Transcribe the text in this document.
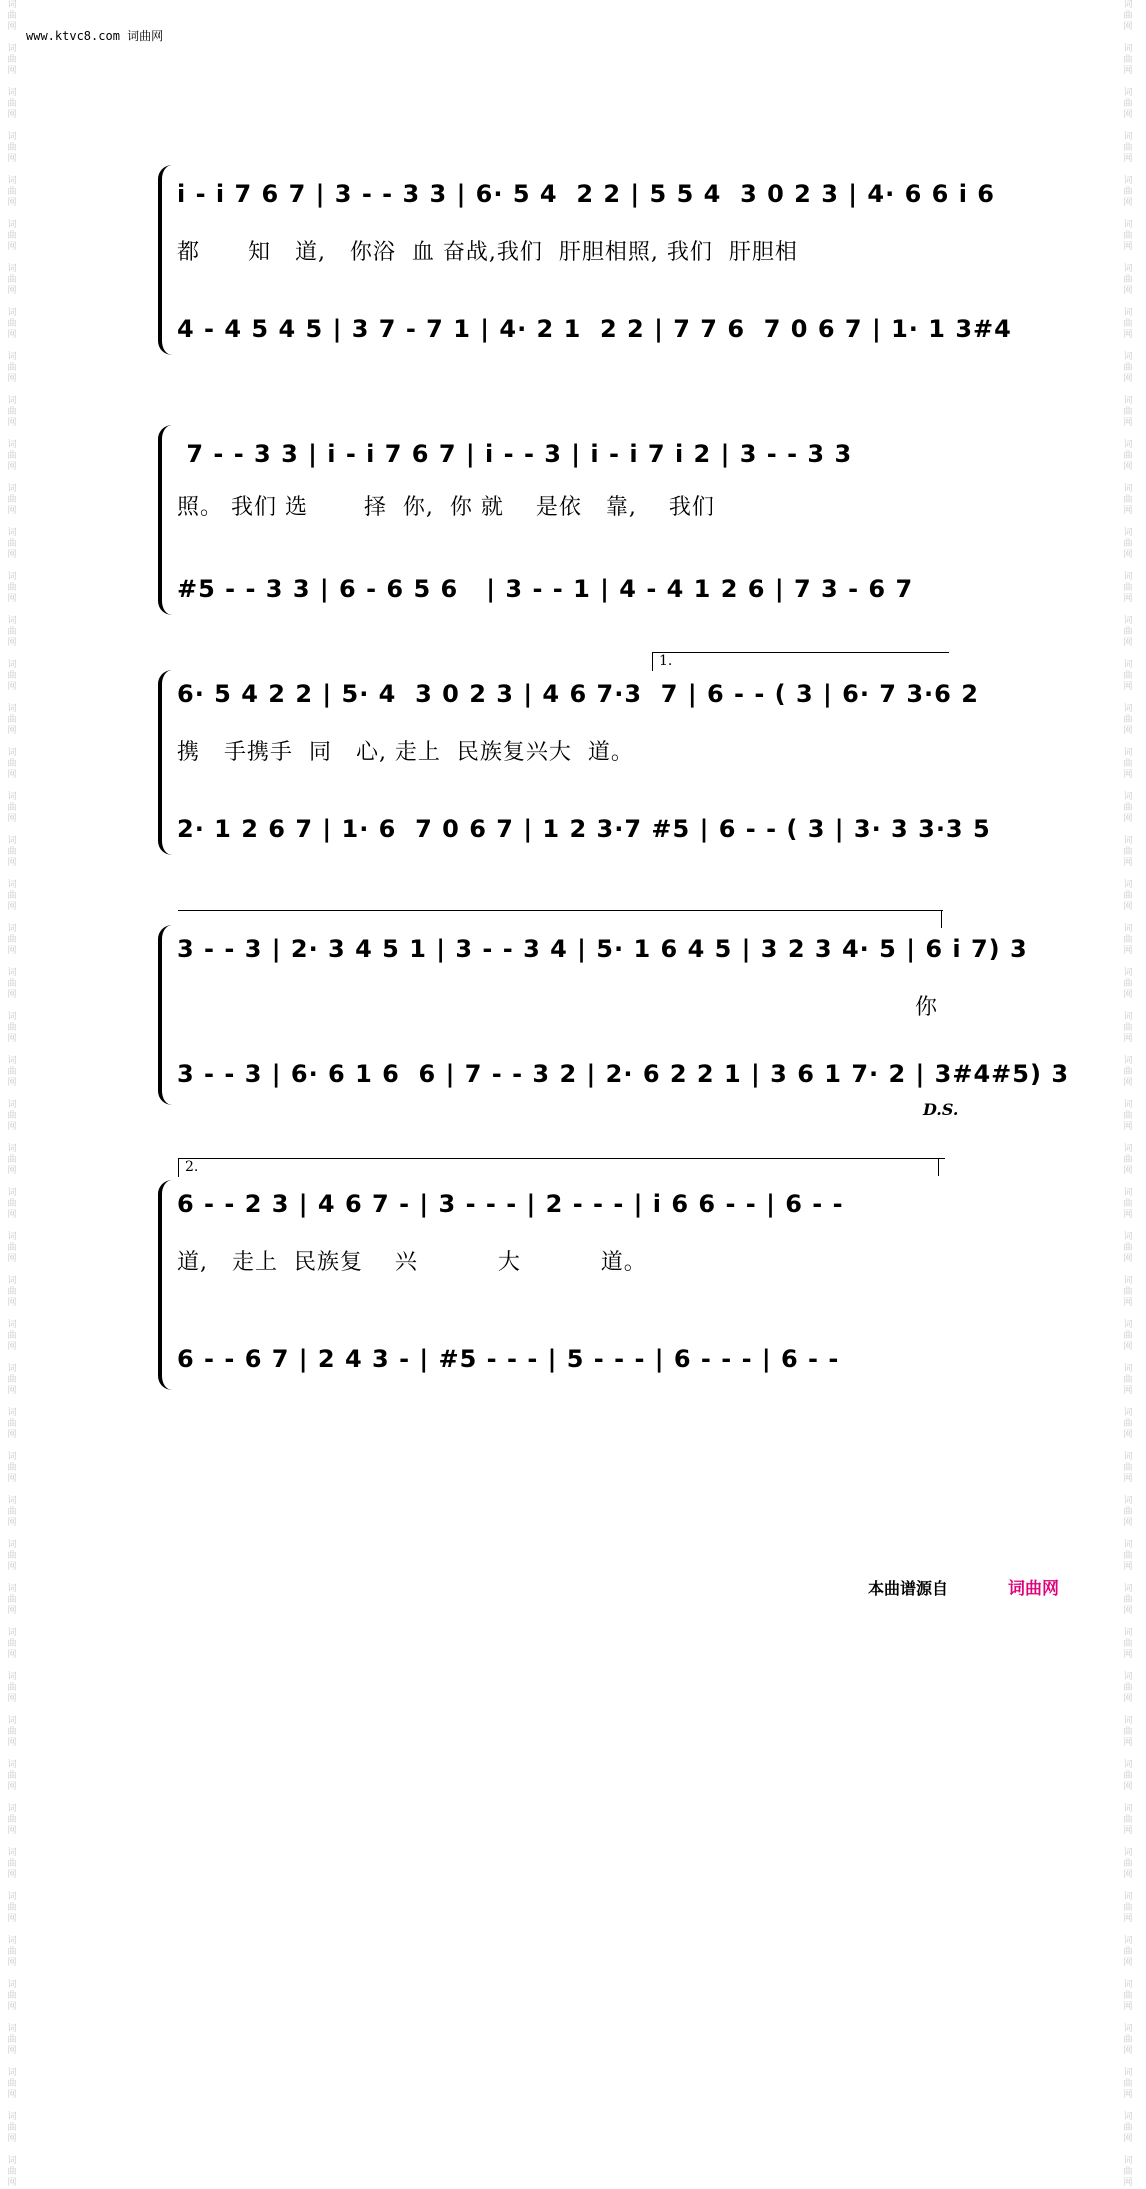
词
曲
网

词
曲
网

词
曲
网

词
曲
网

词
曲
网

词
曲
网

词
曲
网

词
曲
网

词
曲
网

词
曲
网

词
曲
网

词
曲
网

词
曲
网

词
曲
网

词
曲
网

词
曲
网

词
曲
网

词
曲
网

词
曲
网

词
曲
网

词
曲
网

词
曲
网

词
曲
网

词
曲
网

词
曲
网

词
曲
网

词
曲
网

词
曲
网

词
曲
网

词
曲
网

词
曲
网

词
曲
网

词
曲
网

词
曲
网

词
曲
网

词
曲
网

词
曲
网

词
曲
网

词
曲
网

词
曲
网

词
曲
网

词
曲
网

词
曲
网

词
曲
网

词
曲
网

词
曲
网

词
曲
网

词
曲
网

词
曲
网

词
曲
网

词
曲
网

词
曲
网

词
曲
网

词
曲
网

词
曲
网

词
曲
网

词
曲
网

词
曲
网

词
曲
网

词
曲
网

词
曲
网

词
曲
网

词
曲
网

词
曲
网

词
曲
网

词
曲
网

词
曲
网

词
曲
网

词
曲
网

词
曲
网

词
曲
网

词
曲
网

词
曲
网

词
曲
网

词
曲
网

词
曲
网

词
曲
网

词
曲
网

词
曲
网

词
曲
网

词
曲
网

词
曲
网

词
曲
网

词
曲
网

词
曲
网

词
曲
网

词
曲
网

词
曲
网

词
曲
网

词
曲
网

词
曲
网

词
曲
网

词
曲
网

词
曲
网

词
曲
网

词
曲
网

词
曲
网

词
曲
网

词
曲
网

词
曲
网

www.ktvc8.com 词曲网
i - i 7 6 7 | 3 - - 3 3 | 6· 5 4  2 2 | 5 5 4  3 0 2 3 | 4· 6 6 i 6
都      知   道,   你浴  血 奋战,我们  肝胆相照, 我们  肝胆相
4 - 4 5 4 5 | 3 7 - 7 1 | 4· 2 1  2 2 | 7 7 6  7 0 6 7 | 1· 1 3#4
7 - - 3 3 | i - i 7 6 7 | i - - 3 | i - i 7 i 2 | 3 - - 3 3
照。 我们 选       择  你,  你 就    是依   靠,    我们
#5 - - 3 3 | 6 - 6 5 6   | 3 - - 1 | 4 - 4 1 2 6 | 7 3 - 6 7
1.
6· 5 4 2 2 | 5· 4  3 0 2 3 | 4 6 7·3  7 | 6 - - ( 3 | 6· 7 3·6 2
携   手携手  同   心, 走上  民族复兴大  道。
2· 1 2 6 7 | 1· 6  7 0 6 7 | 1 2 3·7 #5 | 6 - - ( 3 | 3· 3 3·3 5
3 - - 3 | 2· 3 4 5 1 | 3 - - 3 4 | 5· 1 6 4 5 | 3 2 3 4· 5 | 6 i 7) 3
你
3 - - 3 | 6· 6 1 6  6 | 7 - - 3 2 | 2· 6 2 2 1 | 3 6 1 7· 2 | 3#4#5) 3
D.S.
2.
6 - - 2 3 | 4 6 7 - | 3 - - - | 2 - - - | i 6 6 - - | 6 - -
道,   走上  民族复    兴          大          道。
6 - - 6 7 | 2 4 3 - | #5 - - - | 5 - - - | 6 - - - | 6 - -
本曲谱源自	词曲网
